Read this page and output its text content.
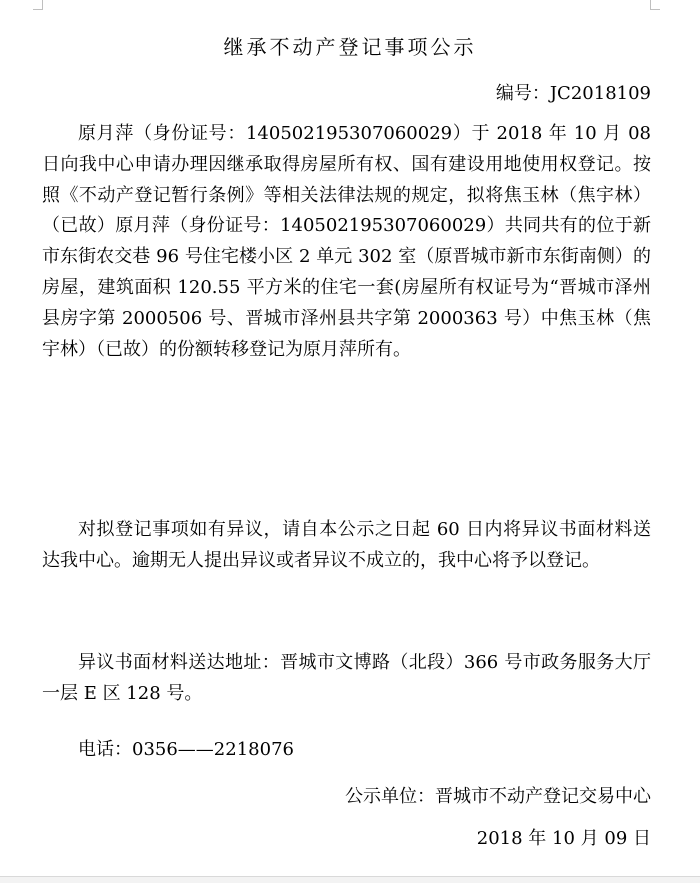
继承不动产登记事项公示
编号：JC2018109

原月萍（身份证号：140502195307060029）于 2018 年 10 月 08 日向我中心申请办理因继承取得房屋所有权、国有建设用地使用权登记。按照《不动产登记暂行条例》等相关法律法规的规定，拟将焦玉林（焦宇林）（已故）原月萍（身份证号：140502195307060029）共同共有的位于新市东街农交巷 96 号住宅楼小区 2 单元 302 室（原晋城市新市东街南侧）的房屋，建筑面积 120.55 平方米的住宅一套(房屋所有权证号为“晋城市泽州县房字第 2000506 号、晋城市泽州县共字第 2000363 号）中焦玉林（焦宇林）（已故）的份额转移登记为原月萍所有。

对拟登记事项如有异议，请自本公示之日起 60 日内将异议书面材料送达我中心。逾期无人提出异议或者异议不成立的，我中心将予以登记。

异议书面材料送达地址：晋城市文博路（北段）366 号市政务服务大厅一层 E 区 128 号。

电话：0356——2218076

公示单位：晋城市不动产登记交易中心
2018 年 10 月 09 日
